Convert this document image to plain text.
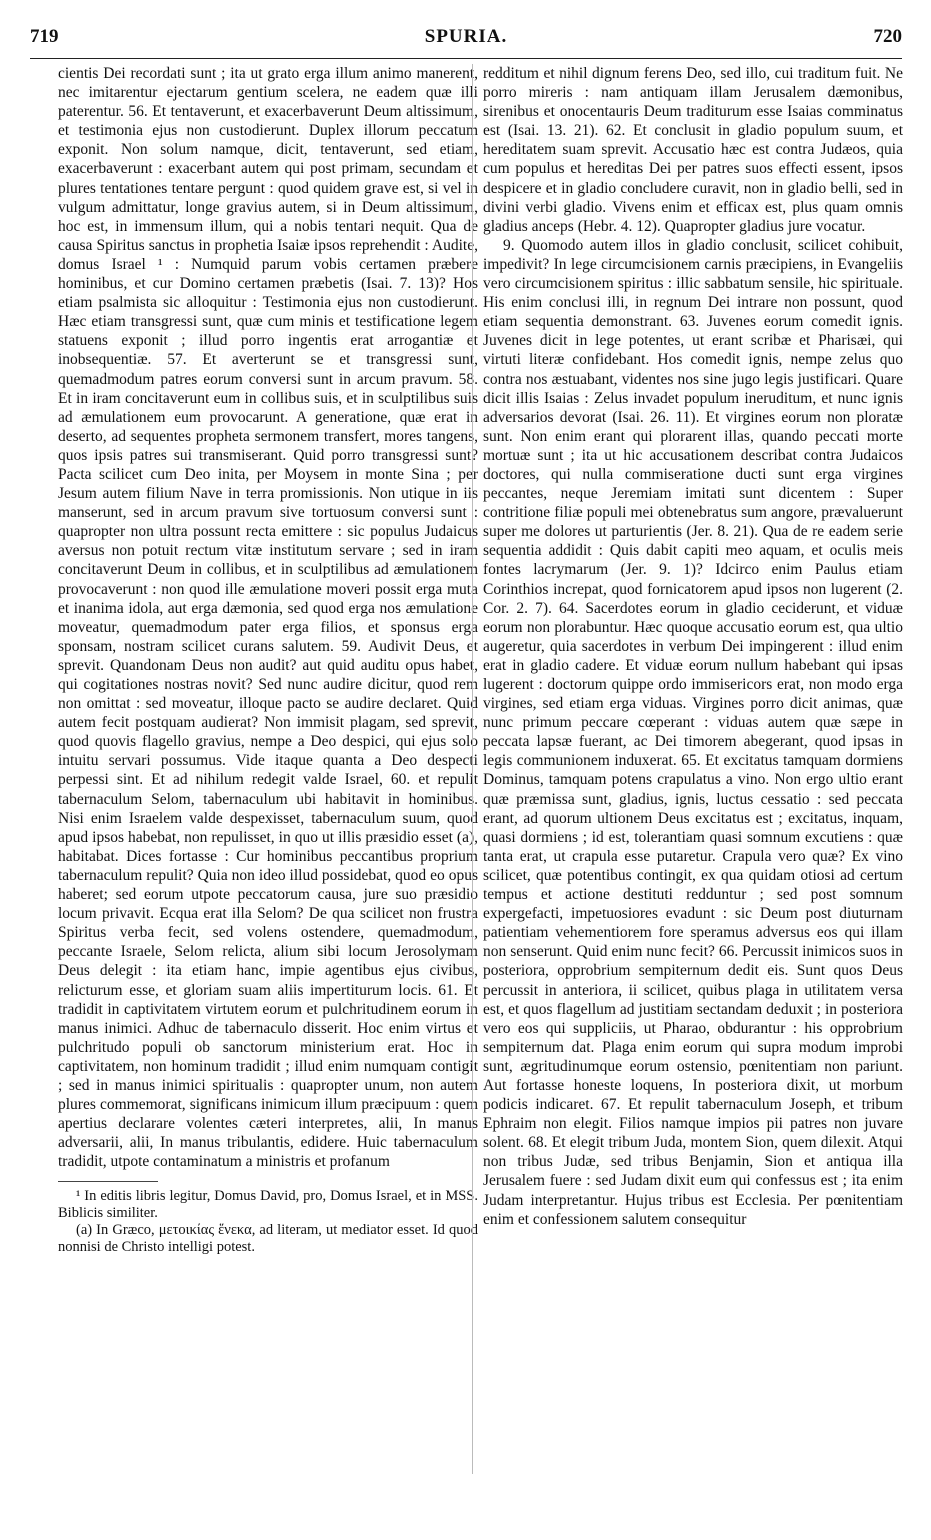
719	SPURIA.	720

cientis Dei recordati sunt ; ita ut grato erga illum animo manerent, nec imitarentur ejectarum gentium scelera, ne eadem quæ illi paterentur. 56. Et tentaverunt, et exacerbaverunt Deum altissimum, et testimonia ejus non custodierunt. Duplex illorum peccatum exponit. Non solum namque, dicit, tentaverunt, sed etiam, exacerbaverunt : exacerbant autem qui post primam, secundam et plures tentationes tentare pergunt : quod quidem grave est, si vel in vulgum admittatur, longe gravius autem, si in Deum altissimum, hoc est, in immensum illum, qui a nobis tentari nequit. Qua de causa Spiritus sanctus in prophetia Isaiæ ipsos reprehendit : Audite, domus Israel ¹ : Numquid parum vobis certamen præbere hominibus, et cur Domino certamen præbetis (Isai. 7. 13)? Hos etiam psalmista sic alloquitur : Testimonia ejus non custodierunt. Hæc etiam transgressi sunt, quæ cum minis et testificatione legem statuens exponit ; illud porro ingentis erat arrogantiæ et inobsequentiæ. 57. Et averterunt se et transgressi sunt, quemadmodum patres eorum conversi sunt in arcum pravum. 58. Et in iram concitaverunt eum in collibus suis, et in sculptilibus suis ad æmulationem eum provocarunt. A generatione, quæ erat in deserto, ad sequentes propheta sermonem transfert, mores tangens, quos ipsis patres sui transmiserant. Quid porro transgressi sunt? Pacta scilicet cum Deo inita, per Moysem in monte Sina ; per Jesum autem filium Nave in terra promissionis. Non utique in iis manserunt, sed in arcum pravum sive tortuosum conversi sunt : quapropter non ultra possunt recta emittere : sic populus Judaicus aversus non potuit rectum vitæ institutum servare ; sed in iram concitaverunt Deum in collibus, et in sculptilibus ad æmulationem provocaverunt : non quod ille æmulatione moveri possit erga muta et inanima idola, aut erga dæmonia, sed quod erga nos æmulatione moveatur, quemadmodum pater erga filios, et sponsus erga sponsam, nostram scilicet curans salutem. 59. Audivit Deus, et sprevit. Quandonam Deus non audit? aut quid auditu opus habet, qui cogitationes nostras novit? Sed nunc audire dicitur, quod rem non omittat : sed moveatur, illoque pacto se audire declaret. Quid autem fecit postquam audierat? Non immisit plagam, sed sprevit, quod quovis flagello gravius, nempe a Deo despici, qui ejus solo intuitu servari possumus. Vide itaque quanta a Deo despecti perpessi sint. Et ad nihilum redegit valde Israel, 60. et repulit tabernaculum Selom, tabernaculum ubi habitavit in hominibus. Nisi enim Israelem valde despexisset, tabernaculum suum, quod apud ipsos habebat, non repulisset, in quo ut illis præsidio esset (a), habitabat. Dices fortasse : Cur hominibus peccantibus proprium tabernaculum repulit? Quia non ideo illud possidebat, quod eo opus haberet; sed eorum utpote peccatorum causa, jure suo præsidio locum privavit. Ecqua erat illa Selom? De qua scilicet non frustra Spiritus verba fecit, sed volens ostendere, quemadmodum, peccante Israele, Selom relicta, alium sibi locum Jerosolymam Deus delegit : ita etiam hanc, impie agentibus ejus civibus, relicturum esse, et gloriam suam aliis impertiturum locis. 61. Et tradidit in captivitatem virtutem eorum et pulchritudinem eorum in manus inimici. Adhuc de tabernaculo disserit. Hoc enim virtus et pulchritudo populi ob sanctorum ministerium erat. Hoc in captivitatem, non hominum tradidit ; illud enim numquam contigit ; sed in manus inimici spiritualis : quapropter unum, non autem plures commemorat, significans inimicum illum præcipuum : quem apertius declarare volentes cæteri interpretes, alii, In manus adversarii, alii, In manus tribulantis, edidere. Huic tabernaculum tradidit, utpote contaminatum a ministris et profanum

¹ In editis libris legitur, Domus David, pro, Domus Israel, et in MSS. Biblicis similiter.

(a) In Græco, μετοικίας ἕνεκα, ad literam, ut mediator esset. Id quod nonnisi de Christo intelligi potest.

redditum et nihil dignum ferens Deo, sed illo, cui traditum fuit. Ne porro mireris : nam antiquam illam Jerusalem dæmonibus, sirenibus et onocentauris Deum traditurum esse Isaias comminatus est (Isai. 13. 21). 62. Et conclusit in gladio populum suum, et hereditatem suam sprevit. Accusatio hæc est contra Judæos, quia cum populus et hereditas Dei per patres suos effecti essent, ipsos despicere et in gladio concludere curavit, non in gladio belli, sed in divini verbi gladio. Vivens enim et efficax est, plus quam omnis gladius anceps (Hebr. 4. 12). Quapropter gladius jure vocatur.

9. Quomodo autem illos in gladio conclusit, scilicet cohibuit, impedivit? In lege circumcisionem carnis præcipiens, in Evangeliis vero circumcisionem spiritus : illic sabbatum sensile, hic spirituale. His enim conclusi illi, in regnum Dei intrare non possunt, quod etiam sequentia demonstrant. 63. Juvenes eorum comedit ignis. Juvenes dicit in lege potentes, ut erant scribæ et Pharisæi, qui virtuti literæ confidebant. Hos comedit ignis, nempe zelus quo contra nos æstuabant, videntes nos sine jugo legis justificari. Quare dicit illis Isaias : Zelus invadet populum ineruditum, et nunc ignis adversarios devorat (Isai. 26. 11). Et virgines eorum non ploratæ sunt. Non enim erant qui plorarent illas, quando peccati morte mortuæ sunt ; ita ut hic accusationem describat contra Judaicos doctores, qui nulla commiseratione ducti sunt erga virgines peccantes, neque Jeremiam imitati sunt dicentem : Super contritione filiæ populi mei obtenebratus sum angore, prævaluerunt super me dolores ut parturientis (Jer. 8. 21). Qua de re eadem serie sequentia addidit : Quis dabit capiti meo aquam, et oculis meis fontes lacrymarum (Jer. 9. 1)? Idcirco enim Paulus etiam Corinthios increpat, quod fornicatorem apud ipsos non lugerent (2. Cor. 2. 7). 64. Sacerdotes eorum in gladio ceciderunt, et viduæ eorum non plorabuntur. Hæc quoque accusatio eorum est, qua ultio augeretur, quia sacerdotes in verbum Dei impingerent : illud enim erat in gladio cadere. Et viduæ eorum nullum habebant qui ipsas lugerent : doctorum quippe ordo immisericors erat, non modo erga virgines, sed etiam erga viduas. Virgines porro dicit animas, quæ nunc primum peccare cœperant : viduas autem quæ sæpe in peccata lapsæ fuerant, ac Dei timorem abegerant, quod ipsas in legis communionem induxerat. 65. Et excitatus tamquam dormiens Dominus, tamquam potens crapulatus a vino. Non ergo ultio erant quæ præmissa sunt, gladius, ignis, luctus cessatio : sed peccata erant, ad quorum ultionem Deus excitatus est ; excitatus, inquam, quasi dormiens ; id est, tolerantiam quasi somnum excutiens : quæ tanta erat, ut crapula esse putaretur. Crapula vero quæ? Ex vino scilicet, quæ potentibus contingit, ex qua quidam otiosi ad certum tempus et actione destituti redduntur ; sed post somnum expergefacti, impetuosiores evadunt : sic Deum post diuturnam patientiam vehementiorem fore speramus adversus eos qui illam non senserunt. Quid enim nunc fecit? 66. Percussit inimicos suos in posteriora, opprobrium sempiternum dedit eis. Sunt quos Deus percussit in anteriora, ii scilicet, quibus plaga in utilitatem versa est, et quos flagellum ad justitiam sectandam deduxit ; in posteriora vero eos qui suppliciis, ut Pharao, obdurantur : his opprobrium sempiternum dat. Plaga enim eorum qui supra modum improbi sunt, ægritudinumque eorum ostensio, pœnitentiam non pariunt. Aut fortasse honeste loquens, In posteriora dixit, ut morbum podicis indicaret. 67. Et repulit tabernaculum Joseph, et tribum Ephraim non elegit. Filios namque impios pii patres non juvare solent. 68. Et elegit tribum Juda, montem Sion, quem dilexit. Atqui non tribus Judæ, sed tribus Benjamin, Sion et antiqua illa Jerusalem fuere : sed Judam dixit eum qui confessus est ; ita enim Judam interpretantur. Hujus tribus est Ecclesia. Per pœnitentiam enim et confessionem salutem consequitur
